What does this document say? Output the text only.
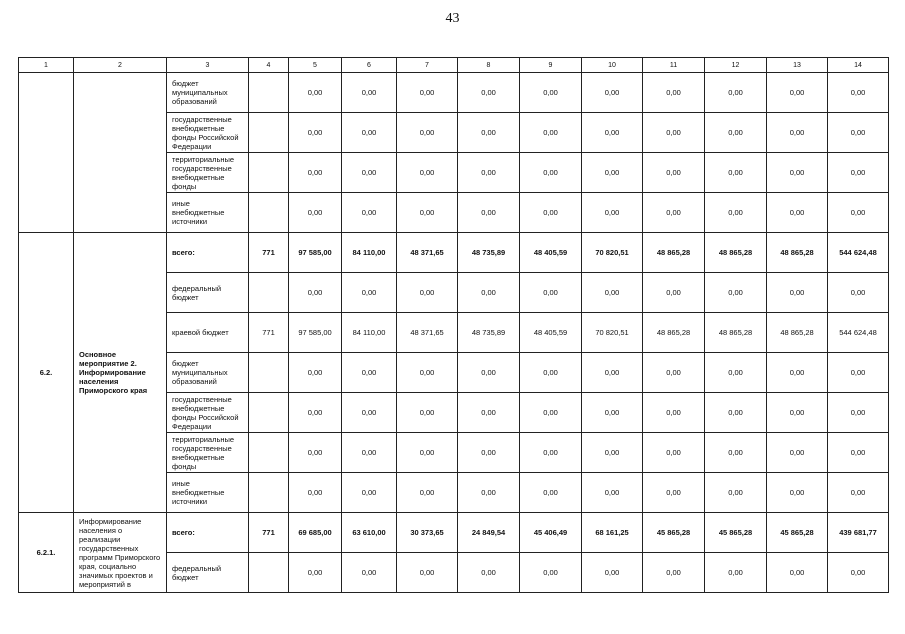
43
1	2	3	4	5	6	7	8	9	10	11	12	13	14
		бюджет муниципальных образований		0,00	0,00	0,00	0,00	0,00	0,00	0,00	0,00	0,00	0,00
		государственные внебюджетные фонды Российской Федерации		0,00	0,00	0,00	0,00	0,00	0,00	0,00	0,00	0,00	0,00
		территориальные государственные внебюджетные фонды		0,00	0,00	0,00	0,00	0,00	0,00	0,00	0,00	0,00	0,00
		иные внебюджетные источники		0,00	0,00	0,00	0,00	0,00	0,00	0,00	0,00	0,00	0,00
6.2.	Основное мероприятие 2. Информирование населения Приморского края	всего:	771	97 585,00	84 110,00	48 371,65	48 735,89	48 405,59	70 820,51	48 865,28	48 865,28	48 865,28	544 624,48
		федеральный бюджет		0,00	0,00	0,00	0,00	0,00	0,00	0,00	0,00	0,00	0,00
		краевой бюджет	771	97 585,00	84 110,00	48 371,65	48 735,89	48 405,59	70 820,51	48 865,28	48 865,28	48 865,28	544 624,48
		бюджет муниципальных образований		0,00	0,00	0,00	0,00	0,00	0,00	0,00	0,00	0,00	0,00
		государственные внебюджетные фонды Российской Федерации		0,00	0,00	0,00	0,00	0,00	0,00	0,00	0,00	0,00	0,00
		территориальные государственные внебюджетные фонды		0,00	0,00	0,00	0,00	0,00	0,00	0,00	0,00	0,00	0,00
		иные внебюджетные источники		0,00	0,00	0,00	0,00	0,00	0,00	0,00	0,00	0,00	0,00
6.2.1.	Информирование населения о реализации государственных программ Приморского края, социально значимых проектов и мероприятий в	всего:	771	69 685,00	63 610,00	30 373,65	24 849,54	45 406,49	68 161,25	45 865,28	45 865,28	45 865,28	439 681,77
		федеральный бюджет		0,00	0,00	0,00	0,00	0,00	0,00	0,00	0,00	0,00	0,00
